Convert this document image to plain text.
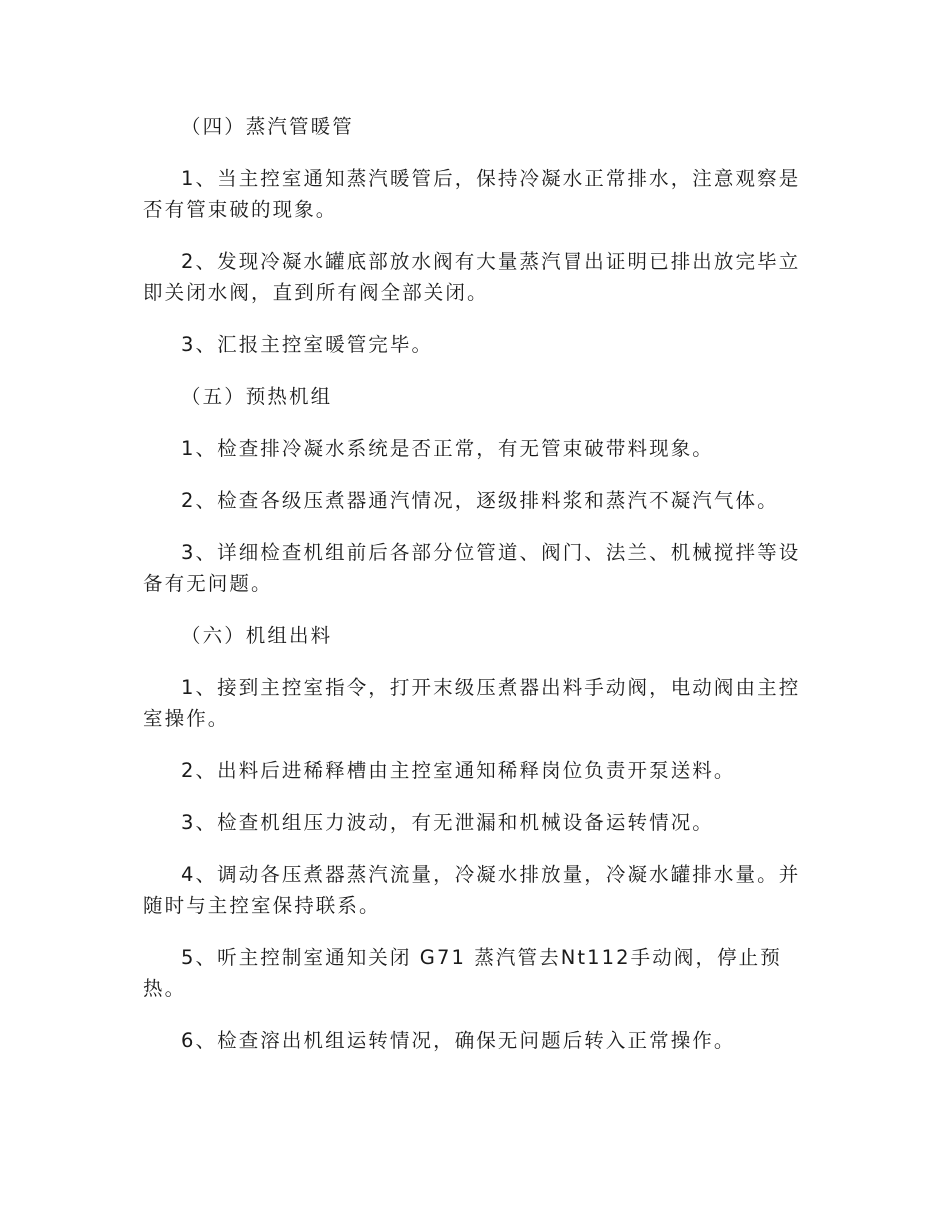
（四）蒸汽管暖管

1、当主控室通知蒸汽暖管后，保持冷凝水正常排水，注意观察是否有管束破的现象。

2、发现冷凝水罐底部放水阀有大量蒸汽冒出证明已排出放完毕立即关闭水阀，直到所有阀全部关闭。

3、汇报主控室暖管完毕。

（五）预热机组

1、检查排冷凝水系统是否正常，有无管束破带料现象。

2、检查各级压煮器通汽情况，逐级排料浆和蒸汽不凝汽气体。

3、详细检查机组前后各部分位管道、阀门、法兰、机械搅拌等设备有无问题。

（六）机组出料

1、接到主控室指令，打开末级压煮器出料手动阀，电动阀由主控室操作。

2、出料后进稀释槽由主控室通知稀释岗位负责开泵送料。

3、检查机组压力波动，有无泄漏和机械设备运转情况。

4、调动各压煮器蒸汽流量，冷凝水排放量，冷凝水罐排水量。并随时与主控室保持联系。

5、听主控制室通知关闭 G71 蒸汽管去Nt112手动阀，停止预热。

6、检查溶出机组运转情况，确保无问题后转入正常操作。
